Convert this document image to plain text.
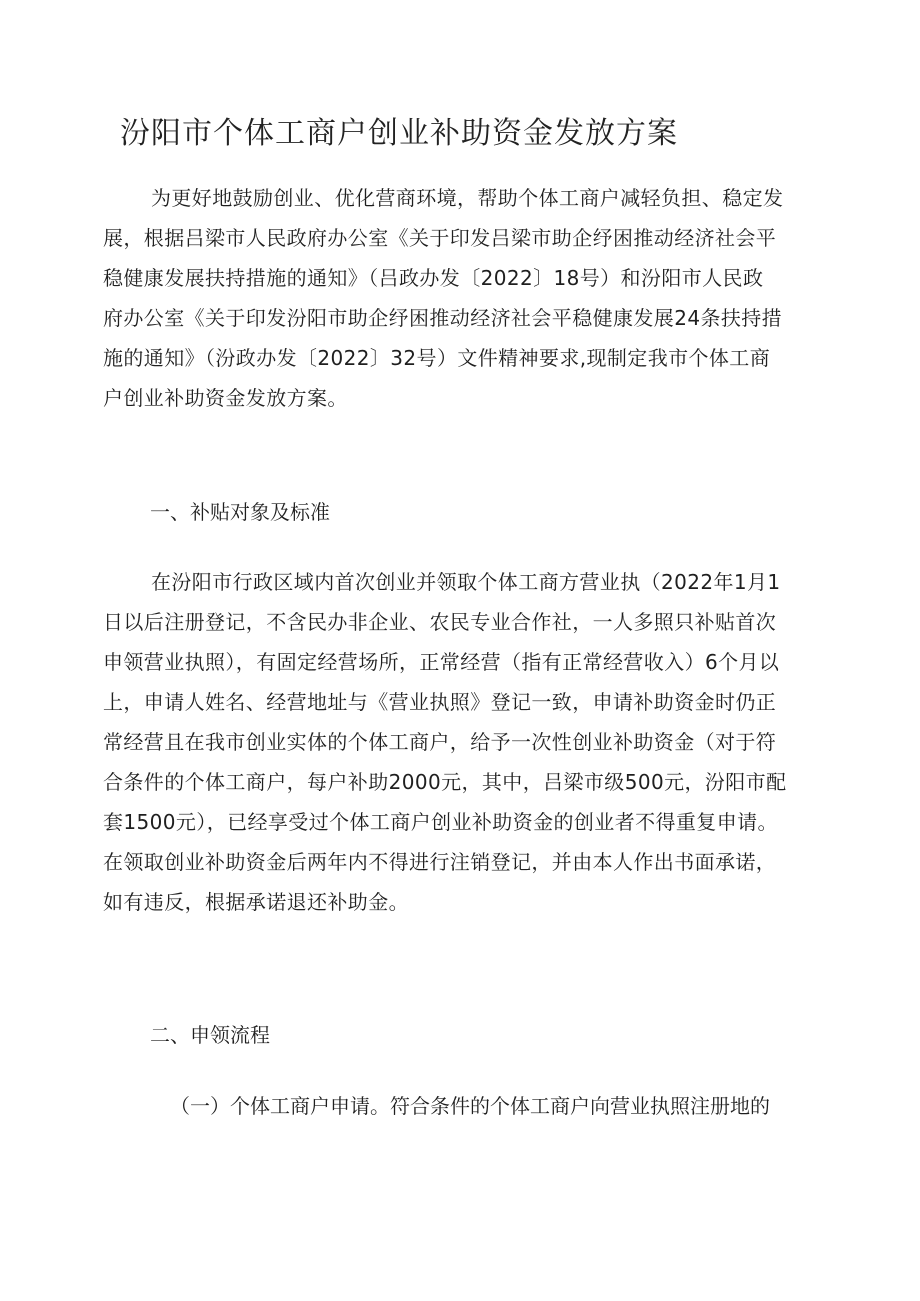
汾阳市个体工商户创业补助资金发放方案
为更好地鼓励创业、优化营商环境，帮助个体工商户减轻负担、稳定发
展，根据吕梁市人民政府办公室《关于印发吕梁市助企纾困推动经济社会平
稳健康发展扶持措施的通知》（吕政办发〔2022〕18号）和汾阳市人民政
府办公室《关于印发汾阳市助企纾困推动经济社会平稳健康发展24条扶持措
施的通知》（汾政办发〔2022〕32号）文件精神要求,现制定我市个体工商
户创业补助资金发放方案。
一、补贴对象及标准
在汾阳市行政区域内首次创业并领取个体工商方营业执（2022年1月1
日以后注册登记，不含民办非企业、农民专业合作社，一人多照只补贴首次
申领营业执照），有固定经营场所，正常经营（指有正常经营收入）6个月以
上，申请人姓名、经营地址与《营业执照》登记一致，申请补助资金时仍正
常经营且在我市创业实体的个体工商户，给予一次性创业补助资金（对于符
合条件的个体工商户，每户补助2000元，其中，吕梁市级500元，汾阳市配
套1500元），已经享受过个体工商户创业补助资金的创业者不得重复申请。
在领取创业补助资金后两年内不得进行注销登记，并由本人作出书面承诺，
如有违反，根据承诺退还补助金。
二、申领流程

（一）个体工商户申请。符合条件的个体工商户向营业执照注册地的
